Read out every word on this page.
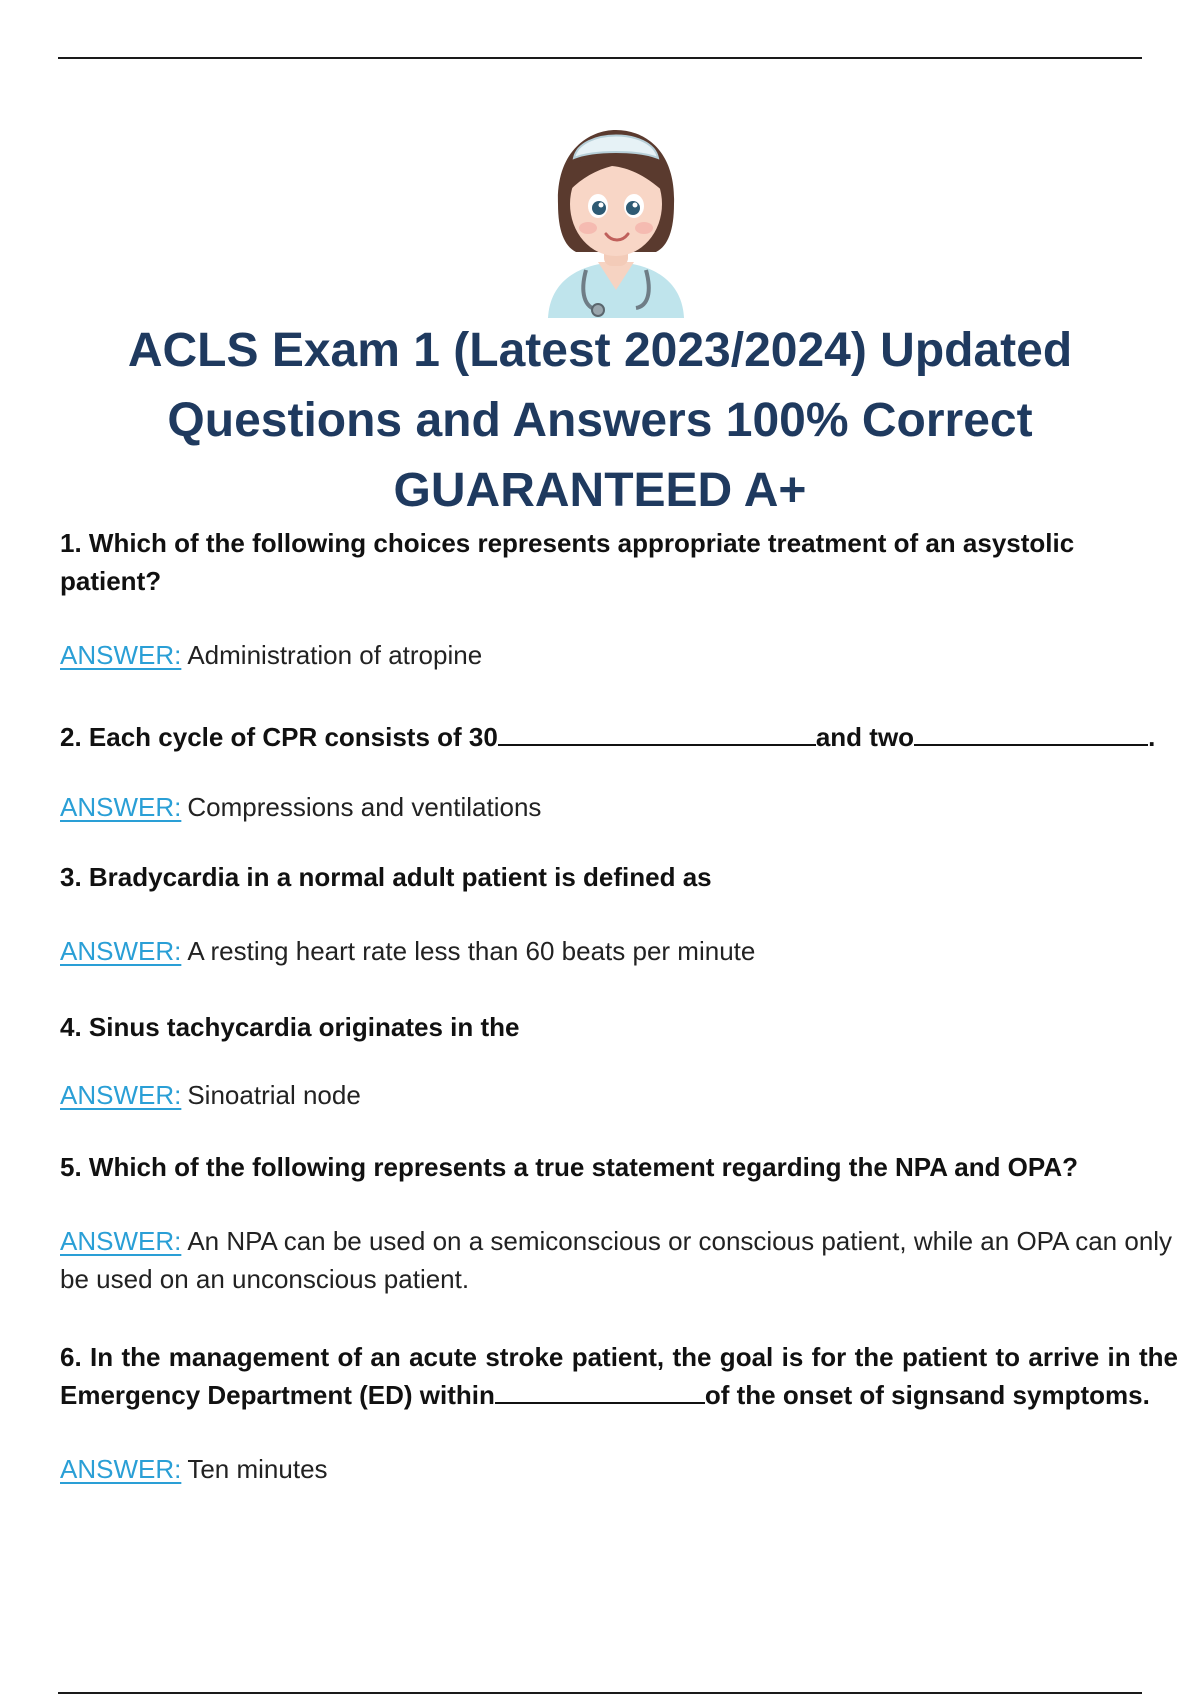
ACLS Exam 1 (Latest 2023/2024) Updated
Questions and Answers 100% Correct
GUARANTEED A+

1. Which of the following choices represents appropriate treatment of an asystolic patient?

ANSWER: Administration of atropine

2. Each cycle of CPR consists of 30	and two	.

ANSWER: Compressions and ventilations

3. Bradycardia in a normal adult patient is defined as

ANSWER: A resting heart rate less than 60 beats per minute

4. Sinus tachycardia originates in the

ANSWER: Sinoatrial node

5. Which of the following represents a true statement regarding the NPA and OPA?

ANSWER: An NPA can be used on a semiconscious or conscious patient, while an OPA can only be used on an unconscious patient.

6. In the management of an acute stroke patient, the goal is for the patient to arrive in the Emergency Department (ED) within	of the onset of signsand symptoms.

ANSWER: Ten minutes
